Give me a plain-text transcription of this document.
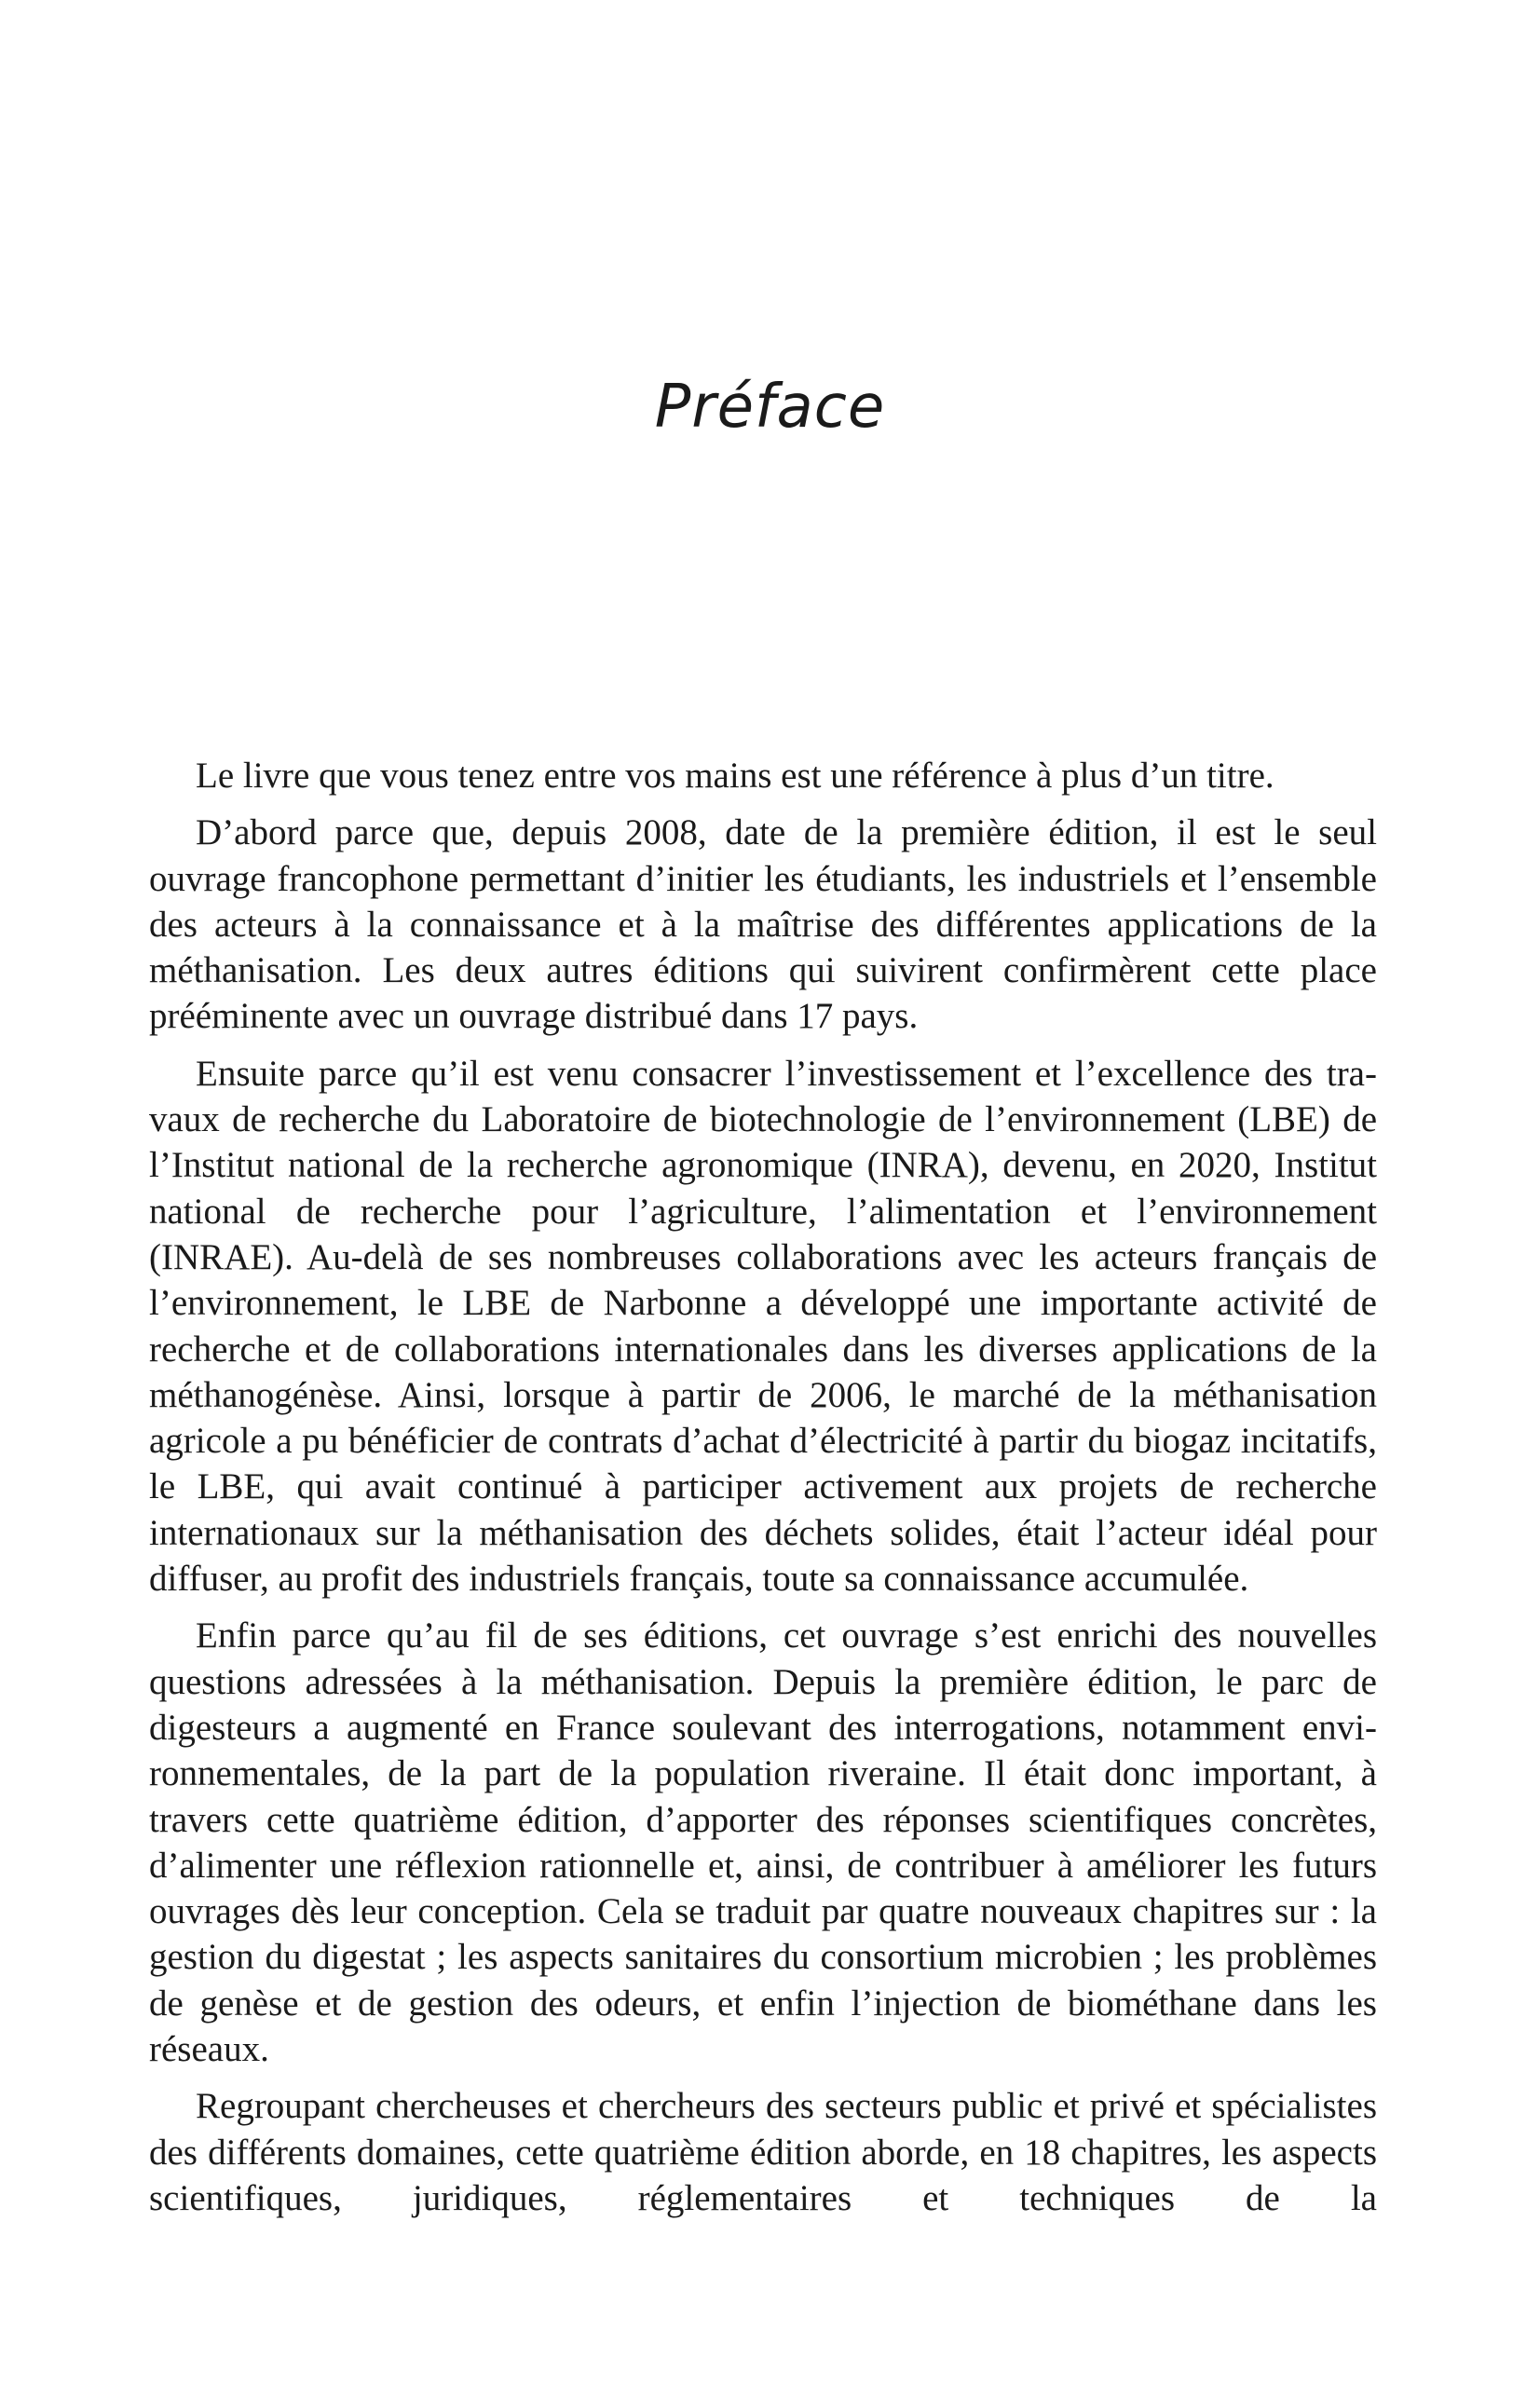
Préface

Le livre que vous tenez entre vos mains est une référence à plus d’un titre.

D’abord parce que, depuis 2008, date de la première édition, il est le seul ouvrage francophone permettant d’initier les étudiants, les industriels et l’ensemble des acteurs à la connaissance et à la maîtrise des différentes applications de la méthanisation. Les deux autres éditions qui suivirent confirmèrent cette place prééminente avec un ouvrage distribué dans 17 pays.

Ensuite parce qu’il est venu consacrer l’investissement et l’excellence des travaux de recherche du Laboratoire de biotechnologie de l’environnement (LBE) de l’Institut national de la recherche agronomique (INRA), devenu, en 2020, Institut national de recherche pour l’agriculture, l’alimentation et l’environnement (INRAE). Au-delà de ses nombreuses collaborations avec les acteurs français de l’environnement, le LBE de Narbonne a développé une importante activité de recherche et de collaborations internationales dans les diverses applications de la méthanogénèse. Ainsi, lorsque à partir de 2006, le marché de la méthanisation agricole a pu bénéficier de contrats d’achat d’électricité à partir du biogaz incitatifs, le LBE, qui avait continué à participer activement aux projets de recherche internationaux sur la méthanisation des déchets solides, était l’acteur idéal pour diffuser, au profit des industriels français, toute sa connaissance accumulée.

Enfin parce qu’au fil de ses éditions, cet ouvrage s’est enrichi des nouvelles questions adressées à la méthanisation. Depuis la première édition, le parc de digesteurs a augmenté en France soulevant des interrogations, notamment environnementales, de la part de la population riveraine. Il était donc important, à travers cette quatrième édition, d’apporter des réponses scientifiques concrètes, d’alimenter une réflexion rationnelle et, ainsi, de contribuer à améliorer les futurs ouvrages dès leur conception. Cela se traduit par quatre nouveaux chapitres sur : la gestion du digestat ; les aspects sanitaires du consortium microbien ; les problèmes de genèse et de gestion des odeurs, et enfin l’injection de biométhane dans les réseaux.

Regroupant chercheuses et chercheurs des secteurs public et privé et spécialistes des différents domaines, cette quatrième édition aborde, en 18 chapitres, les aspects scientifiques, juridiques, réglementaires et techniques de la
